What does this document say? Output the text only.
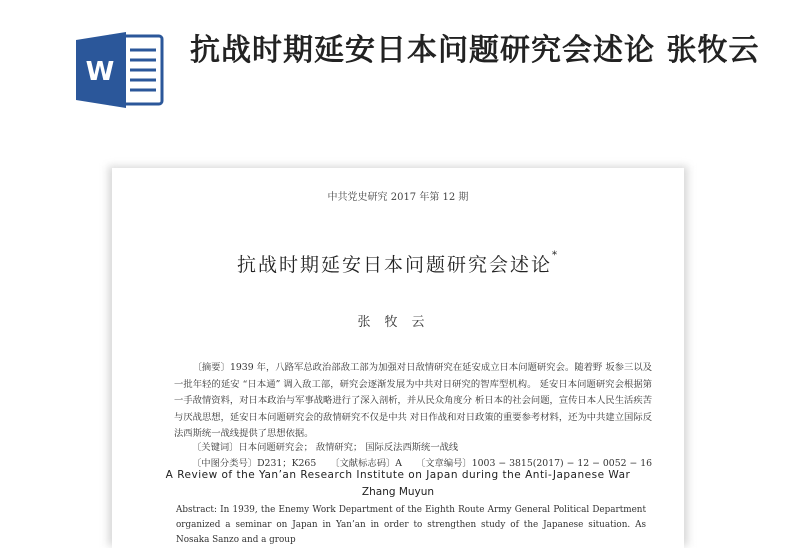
W
抗战时期延安日本问题研究会述论 张牧云
中共党史研究 2017 年第 12 期
抗战时期延安日本问题研究会述论*
张牧云
〔摘要〕1939 年，八路军总政治部敌工部为加强对日敌情研究在延安成立日本问题研究会。随着野 坂参三以及一批年轻的延安 “日本通” 调入敌工部，研究会逐渐发展为中共对日研究的智库型机构。 延安日本问题研究会根据第一手敌情资料，对日本政治与军事战略进行了深入剖析，并从民众角度分 析日本的社会问题，宣传日本人民生活疾苦与厌战思想，延安日本问题研究会的敌情研究不仅是中共 对日作战和对日政策的重要参考材料，还为中共建立国际反法西斯统一战线提供了思想依据。
〔关键词〕日本问题研究会； 敌情研究； 国际反法西斯统一战线
〔中图分类号〕D231；K265　　〔文献标志码〕A　　〔文章编号〕1003 − 3815(2017) − 12 − 0052 − 16
A Review of the Yan’an Research Institute on Japan during the Anti-Japanese War
Zhang Muyun
Abstract: In 1939, the Enemy Work Department of the Eighth Route Army General Political Department organized a seminar on Japan in Yan’an in order to strengthen study of the Japanese situation. As Nosaka Sanzo and a group
